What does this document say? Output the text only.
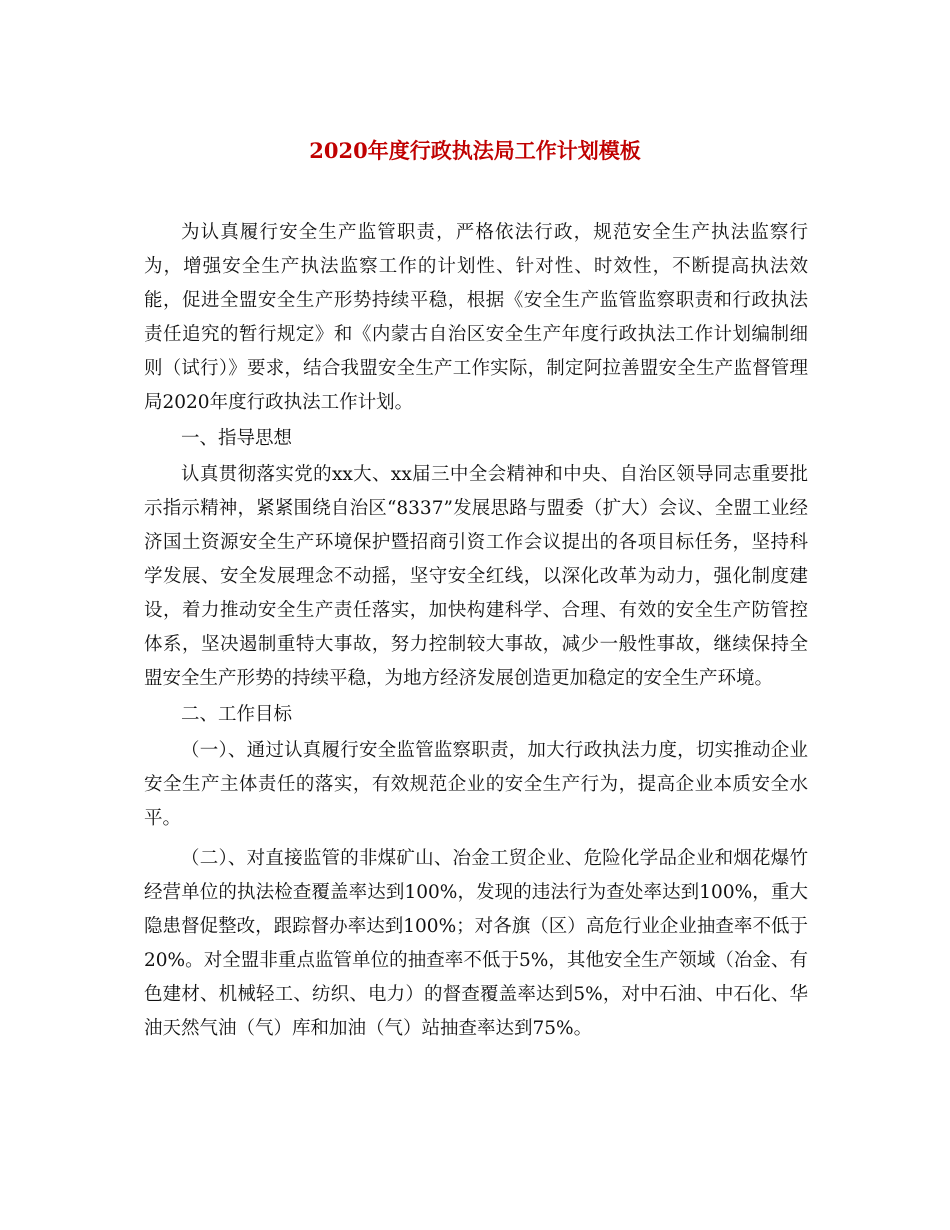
2020年度行政执法局工作计划模板

为认真履行安全生产监管职责，严格依法行政，规范安全生产执法监察行为，增强安全生产执法监察工作的计划性、针对性、时效性，不断提高执法效能，促进全盟安全生产形势持续平稳，根据《安全生产监管监察职责和行政执法责任追究的暂行规定》和《内蒙古自治区安全生产年度行政执法工作计划编制细则（试行）》要求，结合我盟安全生产工作实际，制定阿拉善盟安全生产监督管理局2020年度行政执法工作计划。

一、指导思想

认真贯彻落实党的xx大、xx届三中全会精神和中央、自治区领导同志重要批示指示精神，紧紧围绕自治区“8337”发展思路与盟委（扩大）会议、全盟工业经济国土资源安全生产环境保护暨招商引资工作会议提出的各项目标任务，坚持科学发展、安全发展理念不动摇，坚守安全红线，以深化改革为动力，强化制度建设，着力推动安全生产责任落实，加快构建科学、合理、有效的安全生产防管控体系，坚决遏制重特大事故，努力控制较大事故，减少一般性事故，继续保持全盟安全生产形势的持续平稳，为地方经济发展创造更加稳定的安全生产环境。

二、工作目标

（一）、通过认真履行安全监管监察职责，加大行政执法力度，切实推动企业安全生产主体责任的落实，有效规范企业的安全生产行为，提高企业本质安全水平。

（二）、对直接监管的非煤矿山、冶金工贸企业、危险化学品企业和烟花爆竹经营单位的执法检查覆盖率达到100%，发现的违法行为查处率达到100%，重大隐患督促整改，跟踪督办率达到100%；对各旗（区）高危行业企业抽查率不低于20%。对全盟非重点监管单位的抽查率不低于5%，其他安全生产领域（冶金、有色建材、机械轻工、纺织、电力）的督查覆盖率达到5%，对中石油、中石化、华油天然气油（气）库和加油（气）站抽查率达到75%。
